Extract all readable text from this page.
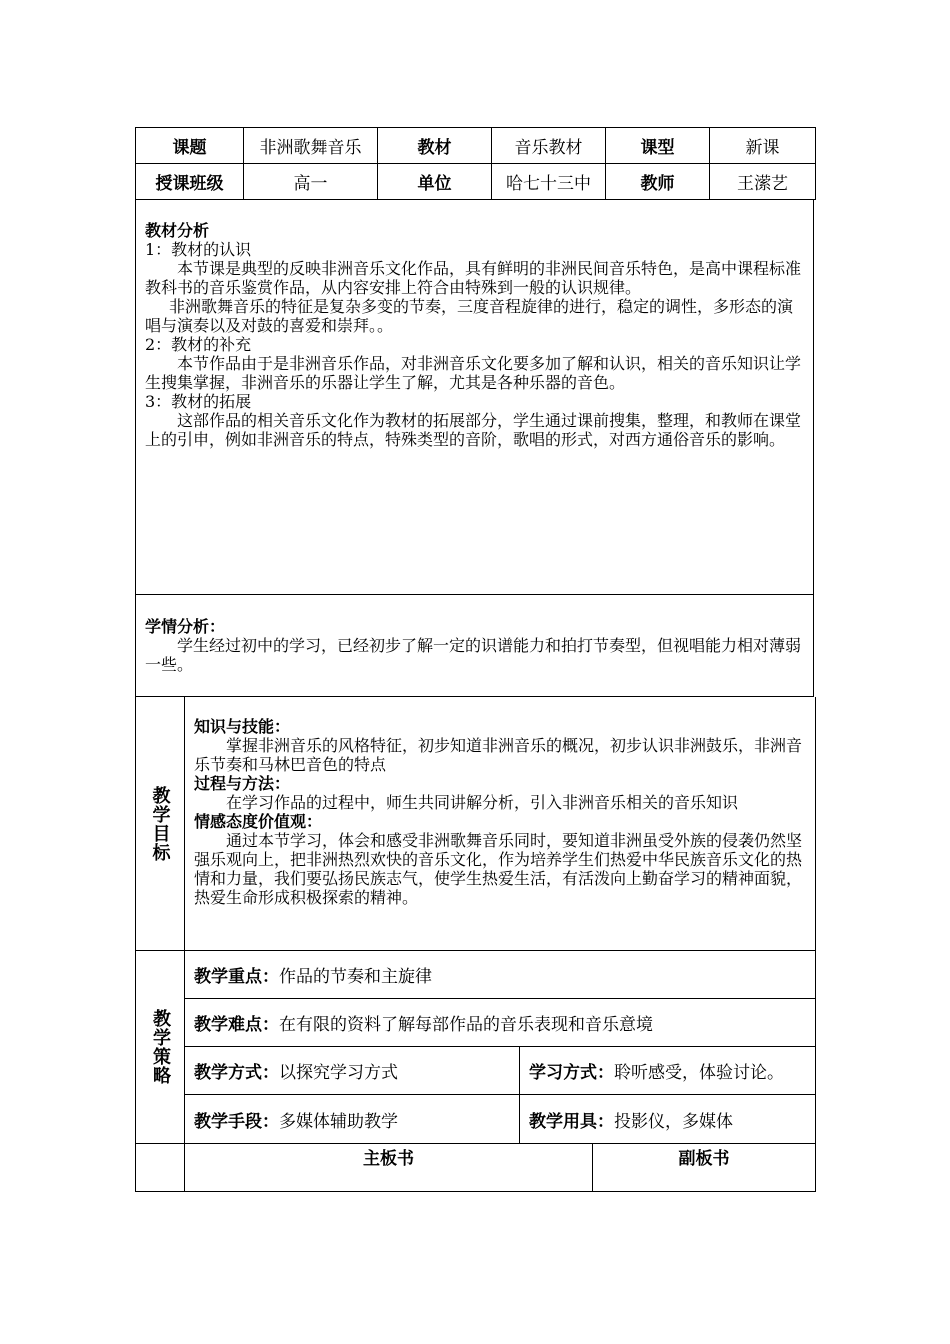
课题	非洲歌舞音乐	教材	音乐教材	课型	新课
授课班级	高一	单位	哈七十三中	教师	王潆艺
教材分析
1：教材的认识

本节课是典型的反映非洲音乐文化作品，具有鲜明的非洲民间音乐特色，是高中课程标准教科书的音乐鉴赏作品，从内容安排上符合由特殊到一般的认识规律。

非洲歌舞音乐的特征是复杂多变的节奏，三度音程旋律的进行，稳定的调性，多形态的演唱与演奏以及对鼓的喜爱和崇拜。。

2：教材的补充

本节作品由于是非洲音乐作品，对非洲音乐文化要多加了解和认识，相关的音乐知识让学生搜集掌握，非洲音乐的乐器让学生了解，尤其是各种乐器的音色。

3：教材的拓展

这部作品的相关音乐文化作为教材的拓展部分，学生通过课前搜集，整理，和教师在课堂上的引申，例如非洲音乐的特点，特殊类型的音阶，歌唱的形式，对西方通俗音乐的影响。

学情分析：

学生经过初中的学习，已经初步了解一定的识谱能力和拍打节奏型，但视唱能力相对薄弱一些。

教学目标
知识与技能：

掌握非洲音乐的风格特征，初步知道非洲音乐的概况，初步认识非洲鼓乐，非洲音乐节奏和马林巴音色的特点

过程与方法：

在学习作品的过程中，师生共同讲解分析，引入非洲音乐相关的音乐知识

情感态度价值观：

通过本节学习，体会和感受非洲歌舞音乐同时，要知道非洲虽受外族的侵袭仍然坚强乐观向上，把非洲热烈欢快的音乐文化，作为培养学生们热爱中华民族音乐文化的热情和力量，我们要弘扬民族志气，使学生热爱生活，有活泼向上勤奋学习的精神面貌，热爱生命形成积极探索的精神。

教学策略
教学重点：作品的节奏和主旋律
教学难点：在有限的资料了解每部作品的音乐表现和音乐意境
教学方式： 以探究学习方式	学习方式：聆听感受，体验讨论。
教学手段： 多媒体辅助教学	教学用具：投影仪，多媒体
主板书	副板书
